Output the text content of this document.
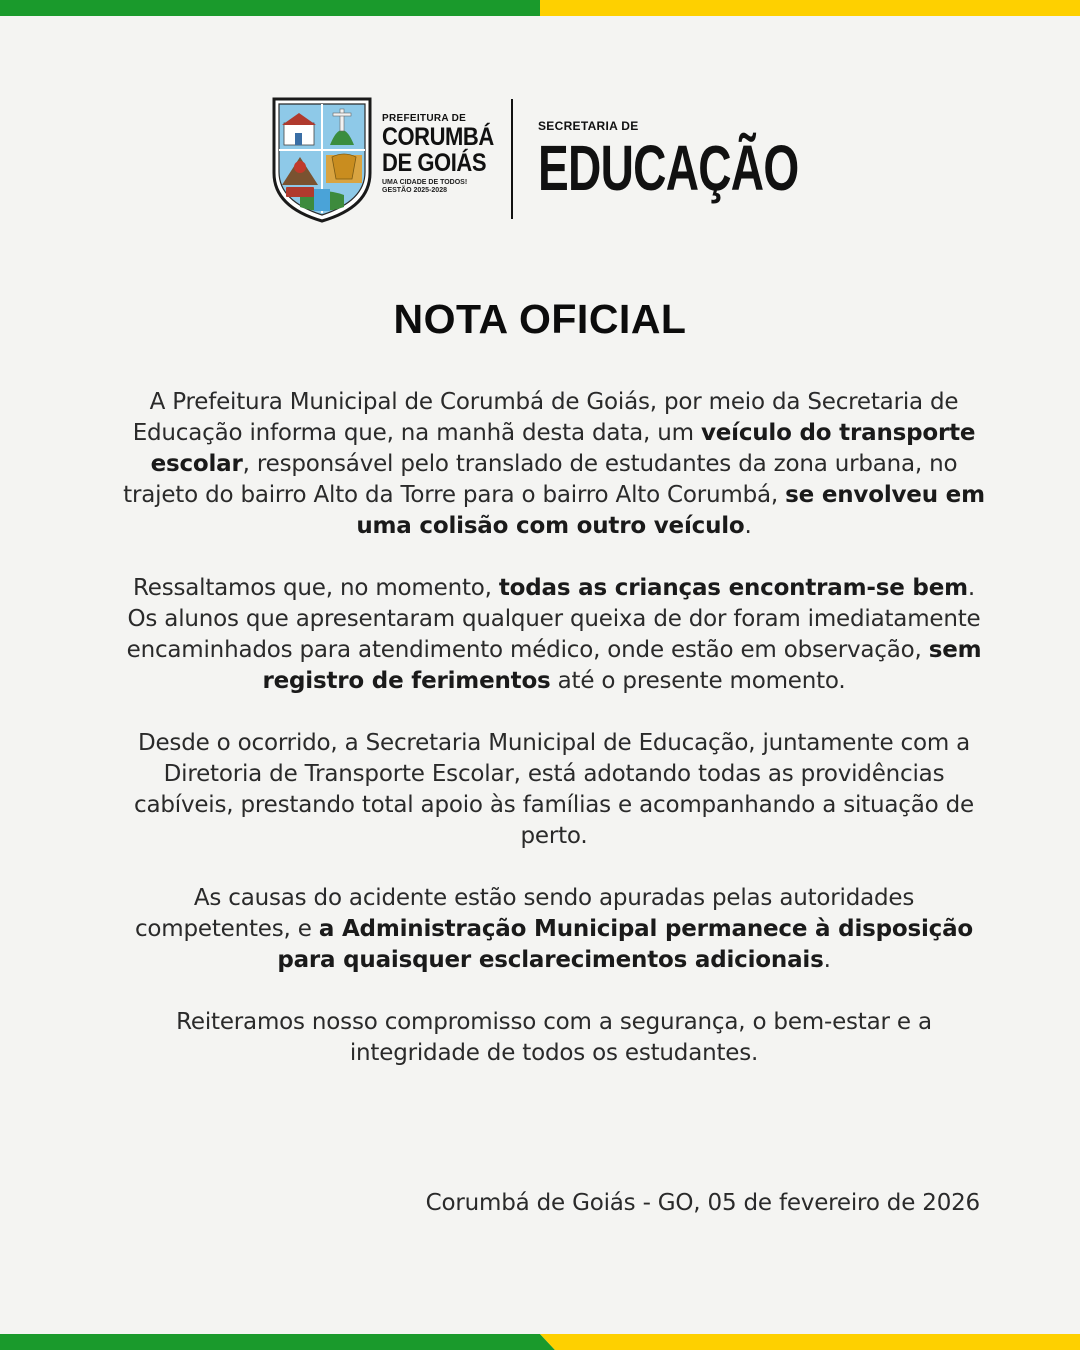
PREFEITURA DE
CORUMBÁ
DE GOIÁS
UMA CIDADE DE TODOS!
GESTÃO 2025-2028
SECRETARIA DE
EDUCAÇÃO
NOTA OFICIAL

A Prefeitura Municipal de Corumbá de Goiás, por meio da Secretaria de Educação informa que, na manhã desta data, um veículo do transporte escolar, responsável pelo translado de estudantes da zona urbana, no trajeto do bairro Alto da Torre para o bairro Alto Corumbá, se envolveu em uma colisão com outro veículo.

Ressaltamos que, no momento, todas as crianças encontram-se bem. Os alunos que apresentaram qualquer queixa de dor foram imediatamente encaminhados para atendimento médico, onde estão em observação, sem registro de ferimentos até o presente momento.

Desde o ocorrido, a Secretaria Municipal de Educação, juntamente com a Diretoria de Transporte Escolar, está adotando todas as providências cabíveis, prestando total apoio às famílias e acompanhando a situação de perto.

As causas do acidente estão sendo apuradas pelas autoridades competentes, e a Administração Municipal permanece à disposição para quaisquer esclarecimentos adicionais.

Reiteramos nosso compromisso com a segurança, o bem-estar e a integridade de todos os estudantes.

Corumbá de Goiás - GO, 05 de fevereiro de 2026
